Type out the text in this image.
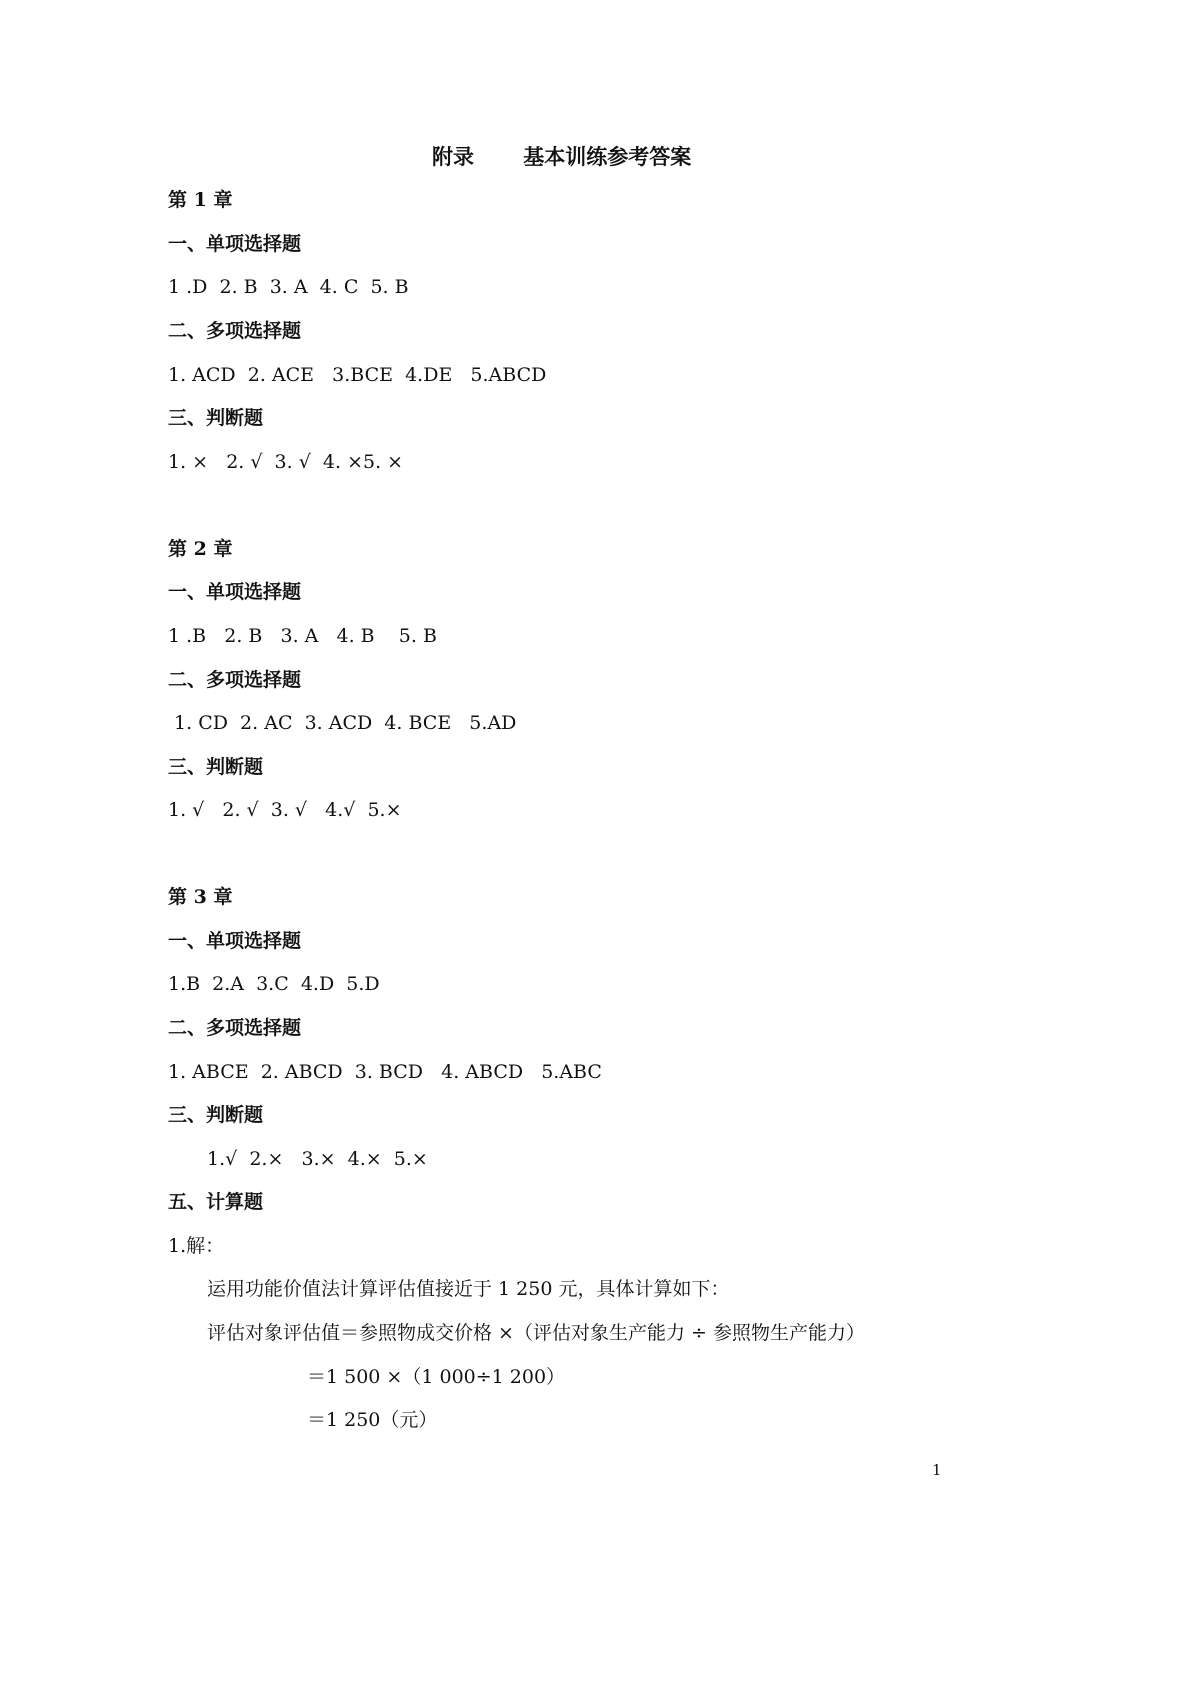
附录　　 基本训练参考答案
第 1 章
一、单项选择题
1 .D  2. B  3. A  4. C  5. B
二、多项选择题
1. ACD  2. ACE   3.BCE  4.DE   5.ABCD
三、判断题
1. ×   2. √  3. √  4. ×5. ×
第 2 章
一、单项选择题
1 .B   2. B   3. A   4. B    5. B
二、多项选择题
1. CD  2. AC  3. ACD  4. BCE   5.AD
三、判断题
1. √   2. √  3. √   4.√  5.×
第 3 章
一、单项选择题
1.B  2.A  3.C  4.D  5.D
二、多项选择题
1. ABCE  2. ABCD  3. BCD   4. ABCD   5.ABC
三、判断题
1.√  2.×   3.×  4.×  5.×
五、计算题
1.解：
运用功能价值法计算评估值接近于 1 250 元，具体计算如下：
评估对象评估值＝参照物成交价格 ×（评估对象生产能力 ÷ 参照物生产能力）
＝1 500 ×（1 000÷1 200）
＝1 250（元）
1
